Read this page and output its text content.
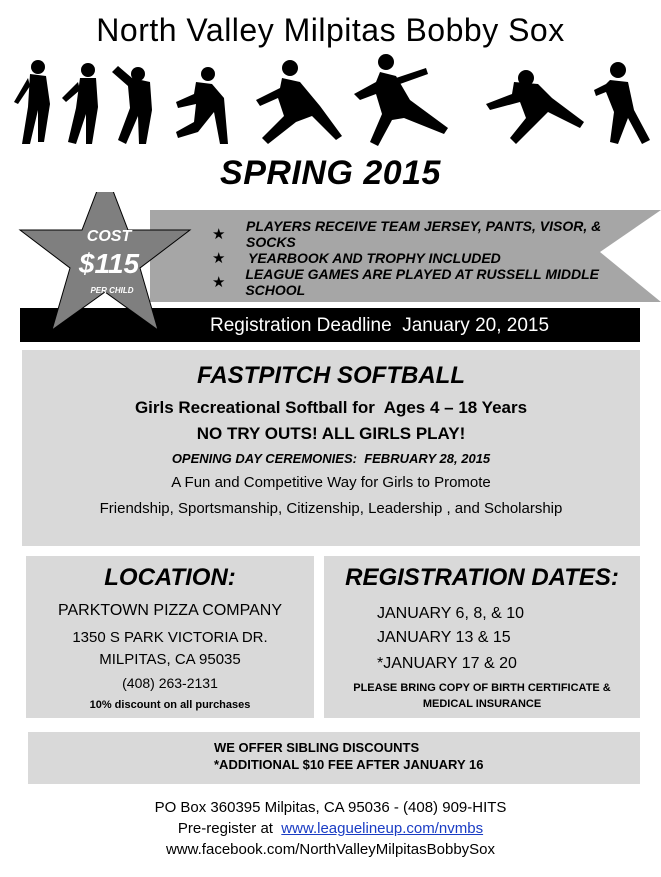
North Valley Milpitas Bobby Sox
SPRING 2015
COST
$115
PER CHILD
★	PLAYERS RECEIVE TEAM JERSEY, PANTS, VISOR, & SOCKS
★	YEARBOOK AND TROPHY INCLUDED
★	LEAGUE GAMES ARE PLAYED AT RUSSELL MIDDLE SCHOOL
Registration Deadline  January 20, 2015
FASTPITCH SOFTBALL
Girls Recreational Softball for  Ages 4 – 18 Years
NO TRY OUTS! ALL GIRLS PLAY!
OPENING DAY CEREMONIES:  FEBRUARY 28, 2015
A Fun and Competitive Way for Girls to Promote
Friendship, Sportsmanship, Citizenship, Leadership , and Scholarship
LOCATION:
PARKTOWN PIZZA COMPANY
1350 S PARK VICTORIA DR.
MILPITAS, CA 95035
(408) 263-2131
10% discount on all purchases
REGISTRATION DATES:
JANUARY 6, 8, & 10
JANUARY 13 & 15
*JANUARY 17 & 20
PLEASE BRING COPY OF BIRTH CERTIFICATE &
MEDICAL INSURANCE
WE OFFER SIBLING DISCOUNTS
*ADDITIONAL $10 FEE AFTER JANUARY 16
PO Box 360395 Milpitas, CA 95036 - (408) 909-HITS
Pre-register at  www.leaguelineup.com/nvmbs
www.facebook.com/NorthValleyMilpitasBobbySox
